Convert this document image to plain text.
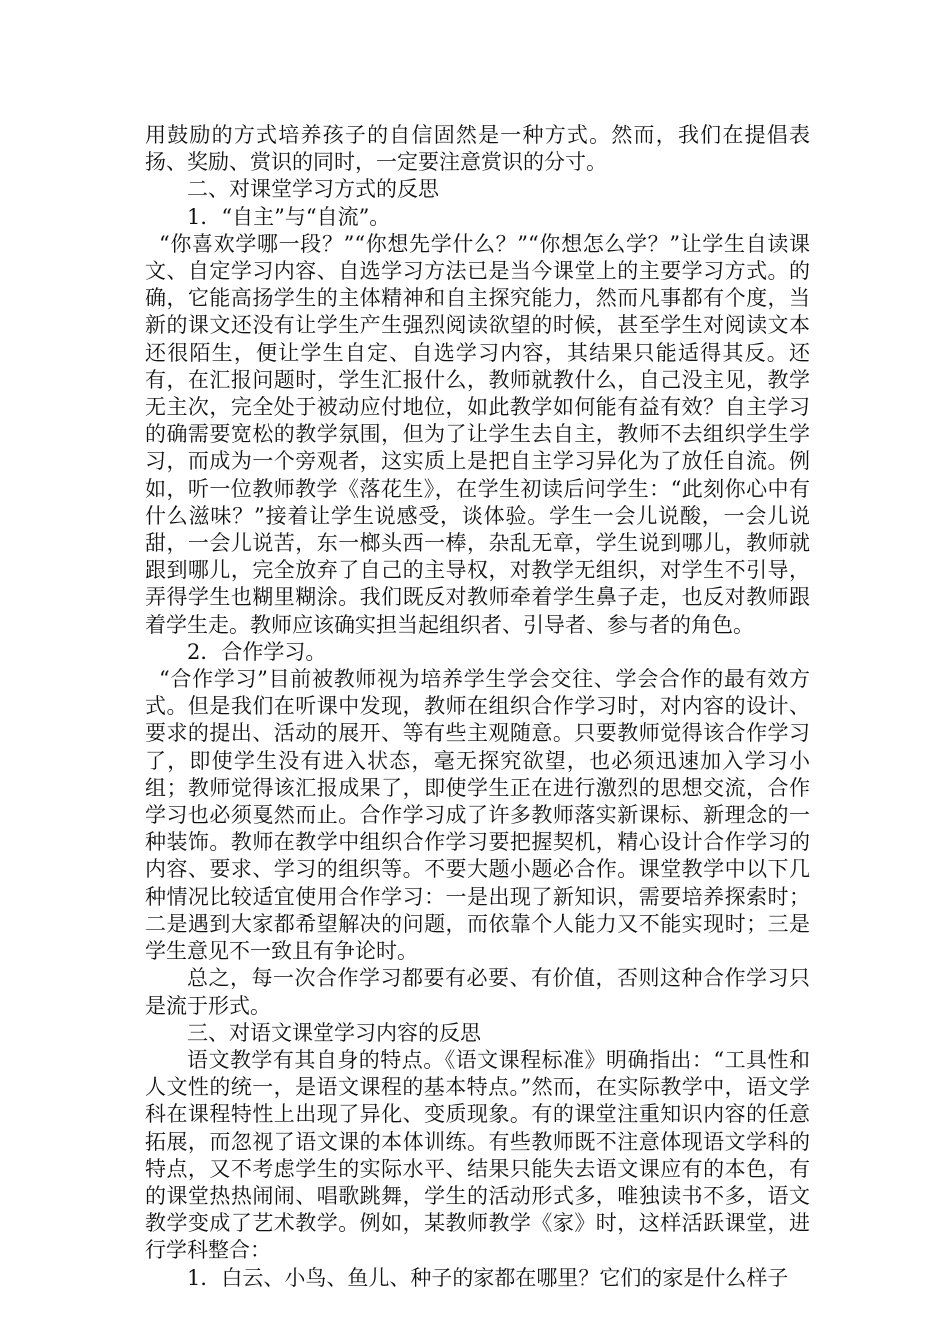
用鼓励的方式培养孩子的自信固然是一种方式。然而，我们在提倡表扬、奖励、赏识的同时，一定要注意赏识的分寸。

二、对课堂学习方式的反思

1．“自主”与“自流”。

“你喜欢学哪一段？”“你想先学什么？”“你想怎么学？”让学生自读课文、自定学习内容、自选学习方法已是当今课堂上的主要学习方式。的确，它能高扬学生的主体精神和自主探究能力，然而凡事都有个度，当新的课文还没有让学生产生强烈阅读欲望的时候，甚至学生对阅读文本还很陌生，便让学生自定、自选学习内容，其结果只能适得其反。还有，在汇报问题时，学生汇报什么，教师就教什么，自己没主见，教学无主次，完全处于被动应付地位，如此教学如何能有益有效？自主学习的确需要宽松的教学氛围，但为了让学生去自主，教师不去组织学生学习，而成为一个旁观者，这实质上是把自主学习异化为了放任自流。例如，听一位教师教学《落花生》，在学生初读后问学生：“此刻你心中有什么滋味？”接着让学生说感受，谈体验。学生一会儿说酸，一会儿说甜，一会儿说苦，东一榔头西一棒，杂乱无章，学生说到哪儿，教师就跟到哪儿，完全放弃了自己的主导权，对教学无组织，对学生不引导，弄得学生也糊里糊涂。我们既反对教师牵着学生鼻子走，也反对教师跟着学生走。教师应该确实担当起组织者、引导者、参与者的角色。

2．合作学习。

“合作学习”目前被教师视为培养学生学会交往、学会合作的最有效方式。但是我们在听课中发现，教师在组织合作学习时，对内容的设计、要求的提出、活动的展开、等有些主观随意。只要教师觉得该合作学习了，即使学生没有进入状态，毫无探究欲望，也必须迅速加入学习小组；教师觉得该汇报成果了，即使学生正在进行激烈的思想交流，合作学习也必须戛然而止。合作学习成了许多教师落实新课标、新理念的一种装饰。教师在教学中组织合作学习要把握契机，精心设计合作学习的内容、要求、学习的组织等。不要大题小题必合作。课堂教学中以下几种情况比较适宜使用合作学习：一是出现了新知识，需要培养探索时；二是遇到大家都希望解决的问题，而依靠个人能力又不能实现时；三是学生意见不一致且有争论时。

总之，每一次合作学习都要有必要、有价值，否则这种合作学习只是流于形式。

三、对语文课堂学习内容的反思

语文教学有其自身的特点。《语文课程标准》明确指出：“工具性和人文性的统一，是语文课程的基本特点。”然而，在实际教学中，语文学科在课程特性上出现了异化、变质现象。有的课堂注重知识内容的任意拓展，而忽视了语文课的本体训练。有些教师既不注意体现语文学科的特点，又不考虑学生的实际水平、结果只能失去语文课应有的本色，有的课堂热热闹闹、唱歌跳舞，学生的活动形式多，唯独读书不多，语文教学变成了艺术教学。例如，某教师教学《家》时，这样活跃课堂，进行学科整合：

1．白云、小鸟、鱼儿、种子的家都在哪里？它们的家是什么样子
